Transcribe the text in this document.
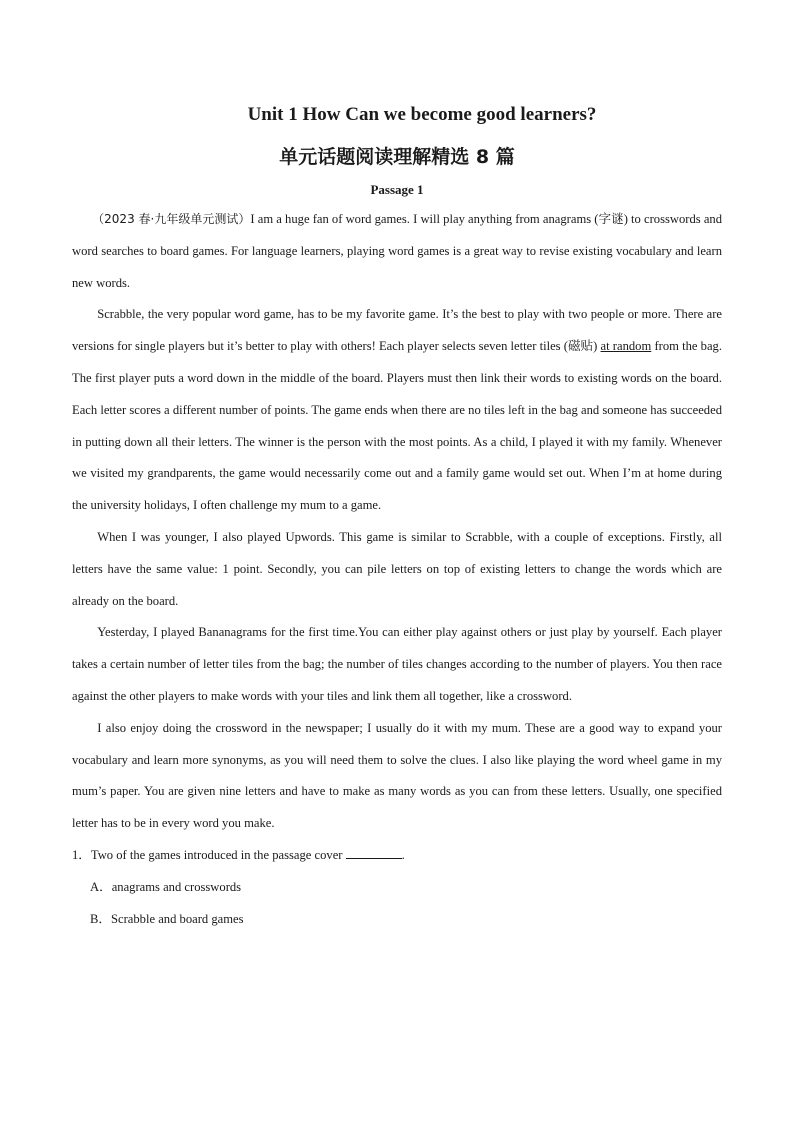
Unit 1 How Can we become good learners?
单元话题阅读理解精选 8 篇
Passage 1

（2023 春·九年级单元测试）I am a huge fan of word games. I will play anything from anagrams (字谜) to crosswords and word searches to board games. For language learners, playing word games is a great way to revise existing vocabulary and learn new words.

Scrabble, the very popular word game, has to be my favorite game. It’s the best to play with two people or more. There are versions for single players but it’s better to play with others! Each player selects seven letter tiles (磁贴) at random from the bag. The first player puts a word down in the middle of the board. Players must then link their words to existing words on the board. Each letter scores a different number of points. The game ends when there are no tiles left in the bag and someone has succeeded in putting down all their letters. The winner is the person with the most points. As a child, I played it with my family. Whenever we visited my grandparents, the game would necessarily come out and a family game would set out. When I’m at home during the university holidays, I often challenge my mum to a game.

When I was younger, I also played Upwords. This game is similar to Scrabble, with a couple of exceptions. Firstly, all letters have the same value: 1 point. Secondly, you can pile letters on top of existing letters to change the words which are already on the board.

Yesterday, I played Bananagrams for the first time.You can either play against others or just play by yourself. Each player takes a certain number of letter tiles from the bag; the number of tiles changes according to the number of players. You then race against the other players to make words with your tiles and link them all together, like a crossword.

I also enjoy doing the crossword in the newspaper; I usually do it with my mum. These are a good way to expand your vocabulary and learn more synonyms, as you will need them to solve the clues. I also like playing the word wheel game in my mum’s paper. You are given nine letters and have to make as many words as you can from these letters. Usually, one specified letter has to be in every word you make.

1．Two of the games introduced in the passage cover	.

A．anagrams and crosswords

B．Scrabble and board games
